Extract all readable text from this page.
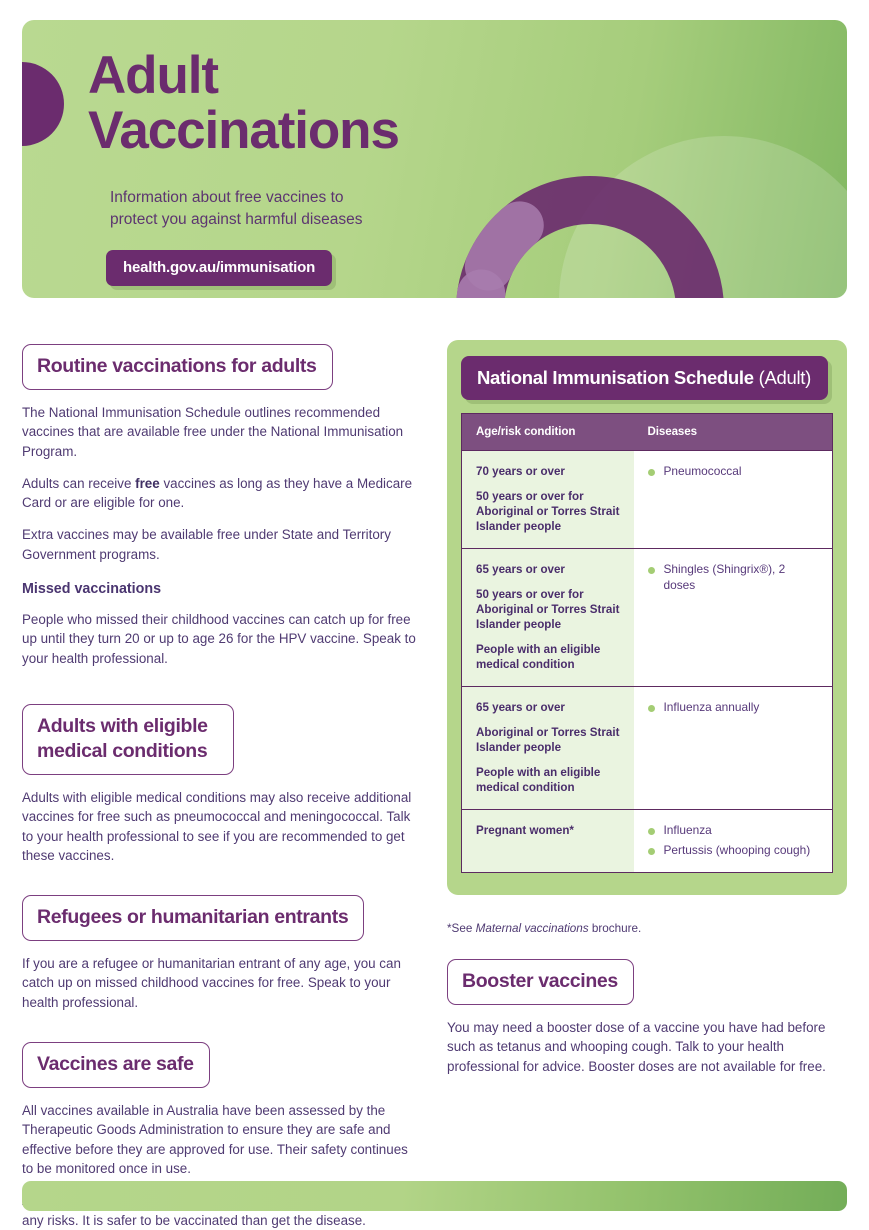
Adult
Vaccinations
Information about free vaccines to
protect you against harmful diseases
health.gov.au/immunisation
Routine vaccinations for adults

The National Immunisation Schedule outlines recommended vaccines that are available free under the National Immunisation Program.

Adults can receive free vaccines as long as they have a Medicare Card or are eligible for one.

Extra vaccines may be available free under State and Territory Government programs.

Missed vaccinations

People who missed their childhood vaccines can catch up for free up until they turn 20 or up to age 26 for the HPV vaccine. Speak to your health professional.

Adults with eligible medical conditions

Adults with eligible medical conditions may also receive additional vaccines for free such as pneumococcal and meningococcal. Talk to your health professional to see if you are recommended to get these vaccines.

Refugees or humanitarian entrants

If you are a refugee or humanitarian entrant of any age, you can catch up on missed childhood vaccines for free. Speak to your health professional.

Vaccines are safe

All vaccines available in Australia have been assessed by the Therapeutic Goods Administration to ensure they are safe and effective before they are approved for use. Their safety continues to be monitored once in use.

any risks. It is safer to be vaccinated than get the disease.

National Immunisation Schedule (Adult)
Age/risk condition	Diseases

70 years or over
50 years or over for Aboriginal or Torres Strait Islander people	Pneumococcal

65 years or over
50 years or over for Aboriginal or Torres Strait Islander people
People with an eligible medical condition	Shingles (Shingrix®), 2 doses

65 years or over
Aboriginal or Torres Strait Islander people
People with an eligible medical condition	Influenza annually

Pregnant women*	Influenza
Pertussis (whooping cough)

*See Maternal vaccinations brochure.

Booster vaccines

You may need a booster dose of a vaccine you have had before such as tetanus and whooping cough. Talk to your health professional for advice. Booster doses are not available for free.
